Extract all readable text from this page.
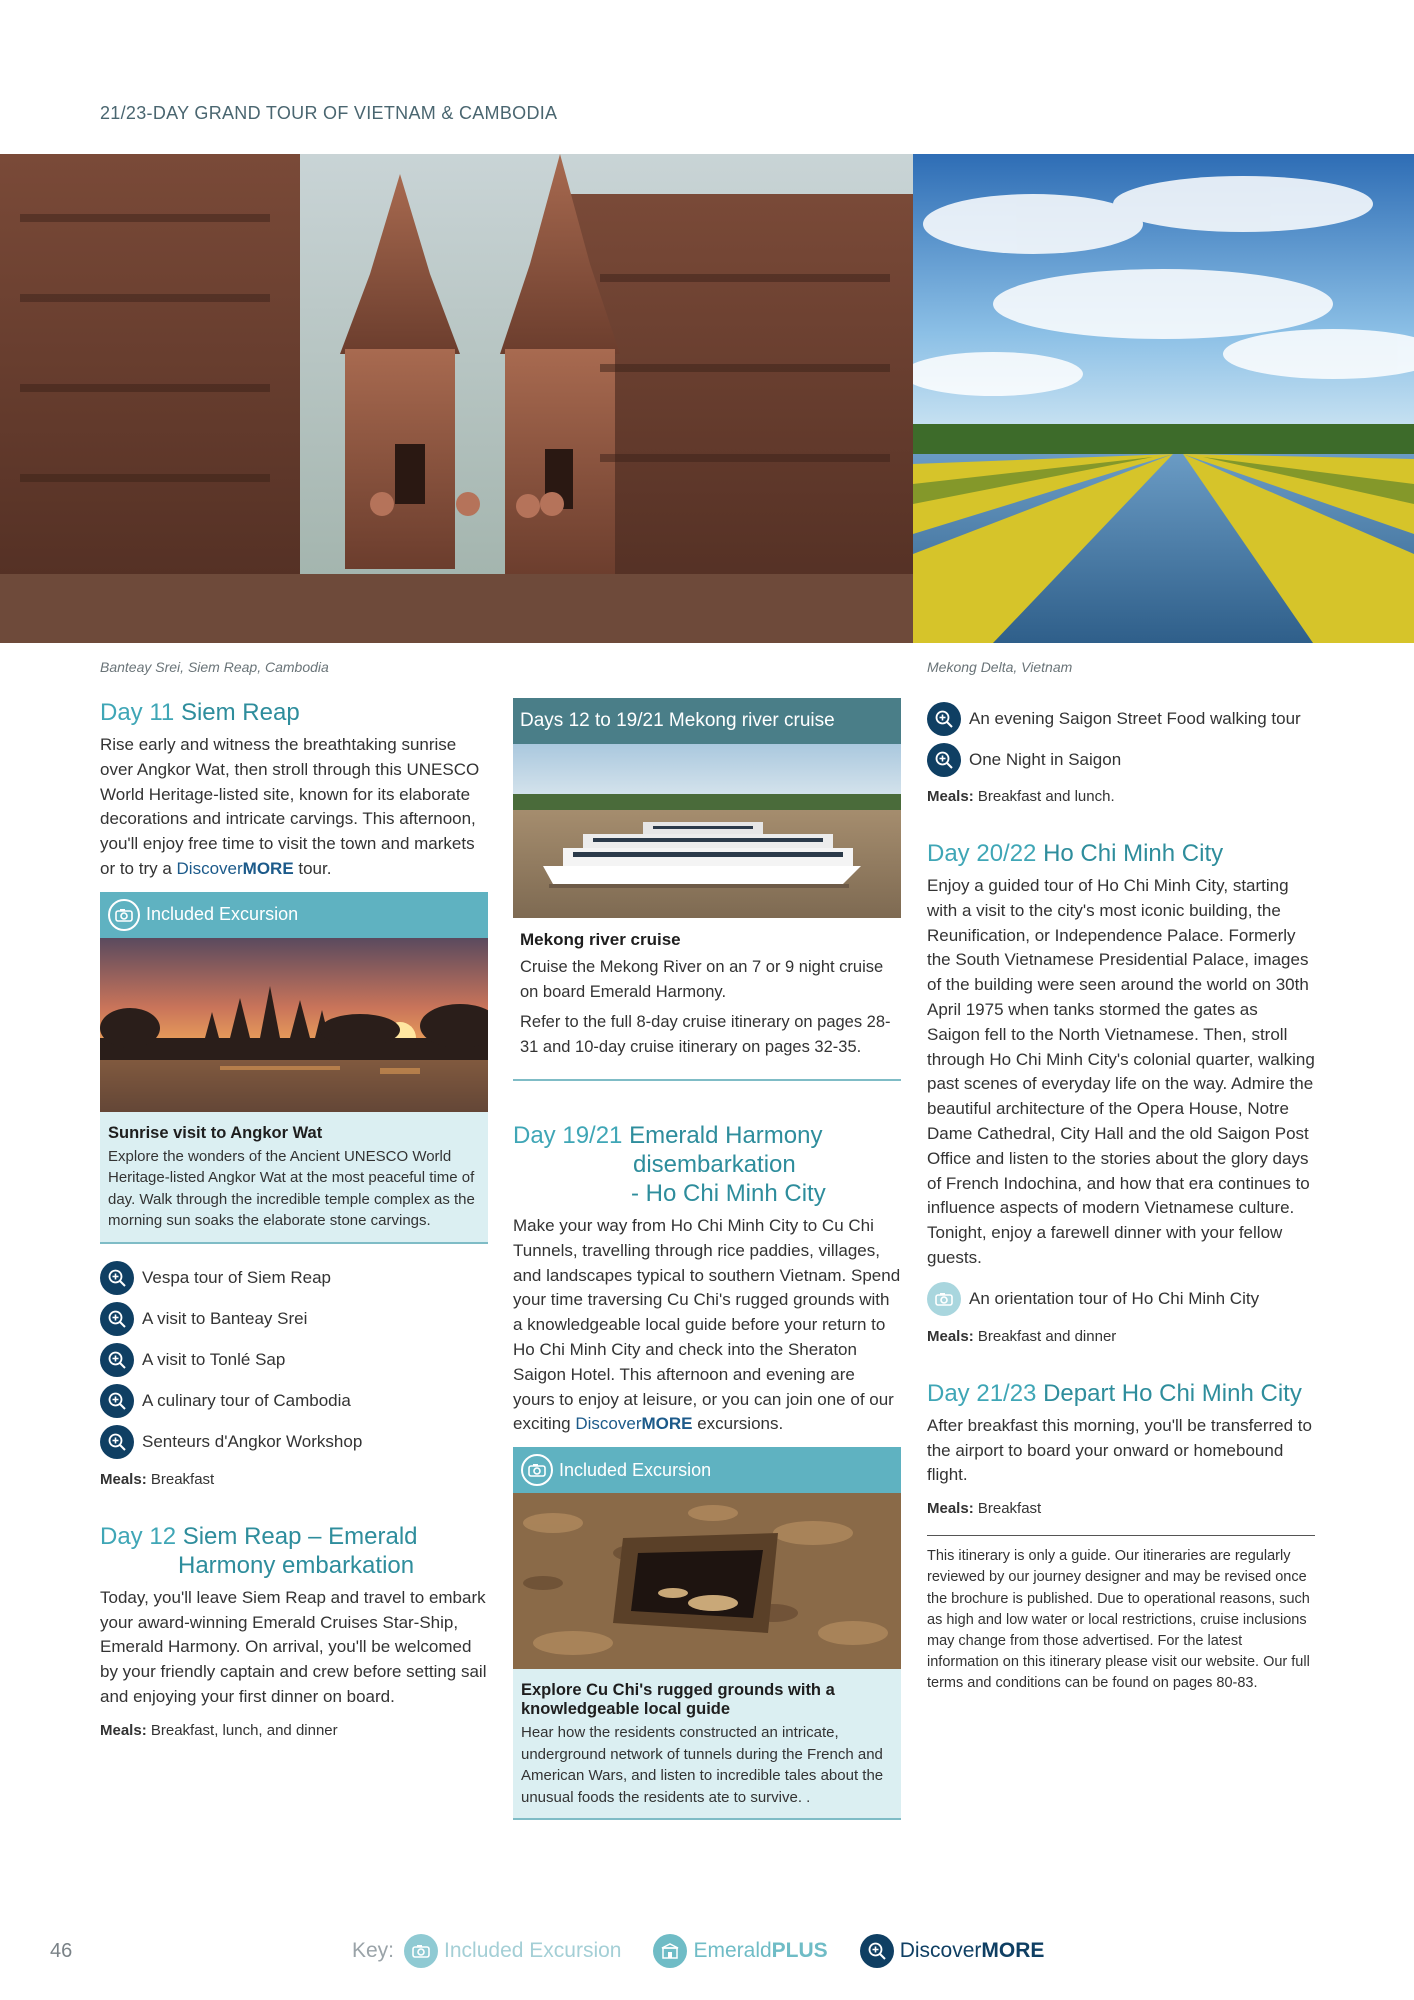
21/23-DAY GRAND TOUR OF VIETNAM & CAMBODIA
Banteay Srei, Siem Reap, Cambodia	Mekong Delta, Vietnam
Day 11 Siem Reap

Rise early and witness the breathtaking sunrise over Angkor Wat, then stroll through this UNESCO World Heritage-listed site, known for its elaborate decorations and intricate carvings. This afternoon, you'll enjoy free time to visit the town and markets or to try a DiscoverMORE tour.

Included Excursion
Sunrise visit to Angkor Wat
Explore the wonders of the Ancient UNESCO World Heritage-listed Angkor Wat at the most peaceful time of day. Walk through the incredible temple complex as the morning sun soaks the elaborate stone carvings.
Vespa tour of Siem Reap
A visit to Banteay Srei
A visit to Tonlé Sap
A culinary tour of Cambodia
Senteurs d'Angkor Workshop
Meals: Breakfast
Day 12 Siem Reap – Emerald
Harmony embarkation

Today, you'll leave Siem Reap and travel to embark your award-winning Emerald Cruises Star-Ship, Emerald Harmony. On arrival, you'll be welcomed by your friendly captain and crew before setting sail and enjoying your first dinner on board.

Meals: Breakfast, lunch, and dinner
Days 12 to 19/21 Mekong river cruise
Mekong river cruise
Cruise the Mekong River on an 7 or 9 night cruise on board Emerald Harmony.
Refer to the full 8-day cruise itinerary on pages 28-31 and 10-day cruise itinerary on pages 32-35.
Day 19/21 Emerald Harmony
disembarkation
- Ho Chi Minh City

Make your way from Ho Chi Minh City to Cu Chi Tunnels, travelling through rice paddies, villages, and landscapes typical to southern Vietnam. Spend your time traversing Cu Chi's rugged grounds with a knowledgeable local guide before your return to Ho Chi Minh City and check into the Sheraton Saigon Hotel. This afternoon and evening are yours to enjoy at leisure, or you can join one of our exciting DiscoverMORE excursions.

Included Excursion
Explore Cu Chi's rugged grounds with a knowledgeable local guide
Hear how the residents constructed an intricate, underground network of tunnels during the French and American Wars, and listen to incredible tales about the unusual foods the residents ate to survive. .
An evening Saigon Street Food walking tour
One Night in Saigon
Meals: Breakfast and lunch.
Day 20/22 Ho Chi Minh City

Enjoy a guided tour of Ho Chi Minh City, starting with a visit to the city's most iconic building, the Reunification, or Independence Palace. Formerly the South Vietnamese Presidential Palace, images of the building were seen around the world on 30th April 1975 when tanks stormed the gates as Saigon fell to the North Vietnamese. Then, stroll through Ho Chi Minh City's colonial quarter, walking past scenes of everyday life on the way. Admire the beautiful architecture of the Opera House, Notre Dame Cathedral, City Hall and the old Saigon Post Office and listen to the stories about the glory days of French Indochina, and how that era continues to influence aspects of modern Vietnamese culture. Tonight, enjoy a farewell dinner with your fellow guests.

An orientation tour of Ho Chi Minh City
Meals: Breakfast and dinner
Day 21/23 Depart Ho Chi Minh City

After breakfast this morning, you'll be transferred to the airport to board your onward or homebound flight.

Meals: Breakfast
This itinerary is only a guide. Our itineraries are regularly reviewed by our journey designer and may be revised once the brochure is published. Due to operational reasons, such as high and low water or local restrictions, cruise inclusions may change from those advertised. For the latest information on this itinerary please visit our website. Our full terms and conditions can be found on pages 80-83.
46	Key: Included Excursion	EmeraldPLUS	DiscoverMORE
